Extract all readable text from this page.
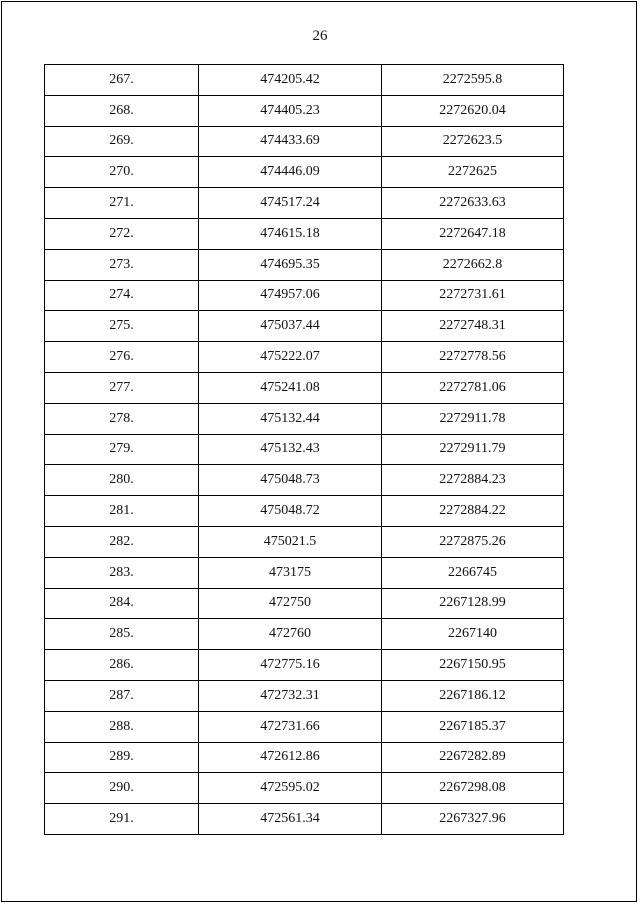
26
267.	474205.42	2272595.8
268.	474405.23	2272620.04
269.	474433.69	2272623.5
270.	474446.09	2272625
271.	474517.24	2272633.63
272.	474615.18	2272647.18
273.	474695.35	2272662.8
274.	474957.06	2272731.61
275.	475037.44	2272748.31
276.	475222.07	2272778.56
277.	475241.08	2272781.06
278.	475132.44	2272911.78
279.	475132.43	2272911.79
280.	475048.73	2272884.23
281.	475048.72	2272884.22
282.	475021.5	2272875.26
283.	473175	2266745
284.	472750	2267128.99
285.	472760	2267140
286.	472775.16	2267150.95
287.	472732.31	2267186.12
288.	472731.66	2267185.37
289.	472612.86	2267282.89
290.	472595.02	2267298.08
291.	472561.34	2267327.96
